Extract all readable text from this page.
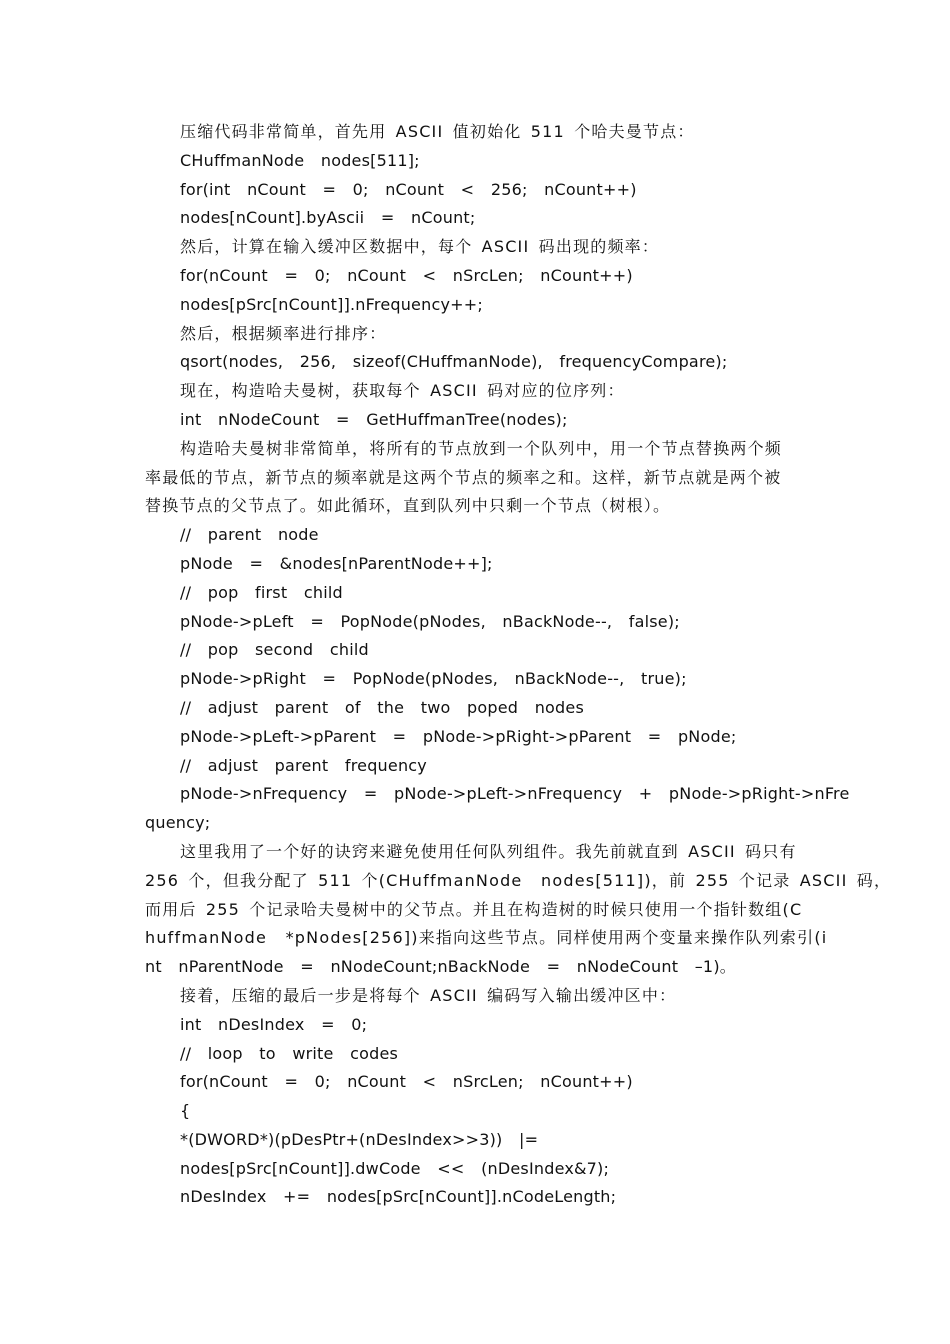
压缩代码非常简单，首先用 ASCII 值初始化 511 个哈夫曼节点：
CHuffmanNode  nodes[511];
for(int  nCount  =  0;  nCount  <  256;  nCount++)
nodes[nCount].byAscii  =  nCount;
然后，计算在输入缓冲区数据中，每个 ASCII 码出现的频率：
for(nCount  =  0;  nCount  <  nSrcLen;  nCount++)
nodes[pSrc[nCount]].nFrequency++;
然后，根据频率进行排序：
qsort(nodes,  256,  sizeof(CHuffmanNode),  frequencyCompare);
现在，构造哈夫曼树，获取每个 ASCII 码对应的位序列：
int  nNodeCount  =  GetHuffmanTree(nodes);
构造哈夫曼树非常简单，将所有的节点放到一个队列中，用一个节点替换两个频
率最低的节点，新节点的频率就是这两个节点的频率之和。这样，新节点就是两个被
替换节点的父节点了。如此循环，直到队列中只剩一个节点（树根）。
//  parent  node
pNode  =  &nodes[nParentNode++];
//  pop  first  child
pNode->pLeft  =  PopNode(pNodes,  nBackNode--,  false);
//  pop  second  child
pNode->pRight  =  PopNode(pNodes,  nBackNode--,  true);
//  adjust  parent  of  the  two  poped  nodes
pNode->pLeft->pParent  =  pNode->pRight->pParent  =  pNode;
//  adjust  parent  frequency
pNode->nFrequency  =  pNode->pLeft->nFrequency  +  pNode->pRight->nFre
quency;
这里我用了一个好的诀窍来避免使用任何队列组件。我先前就直到 ASCII 码只有
256 个，但我分配了 511 个(CHuffmanNode  nodes[511])，前 255 个记录 ASCII 码，
而用后 255 个记录哈夫曼树中的父节点。并且在构造树的时候只使用一个指针数组(C
huffmanNode  *pNodes[256])来指向这些节点。同样使用两个变量来操作队列索引(i
nt  nParentNode  =  nNodeCount;nBackNode  =  nNodeCount  –1)。
接着，压缩的最后一步是将每个 ASCII 编码写入输出缓冲区中：
int  nDesIndex  =  0;
//  loop  to  write  codes
for(nCount  =  0;  nCount  <  nSrcLen;  nCount++)
{
*(DWORD*)(pDesPtr+(nDesIndex>>3))  |=
nodes[pSrc[nCount]].dwCode  <<  (nDesIndex&7);
nDesIndex  +=  nodes[pSrc[nCount]].nCodeLength;
